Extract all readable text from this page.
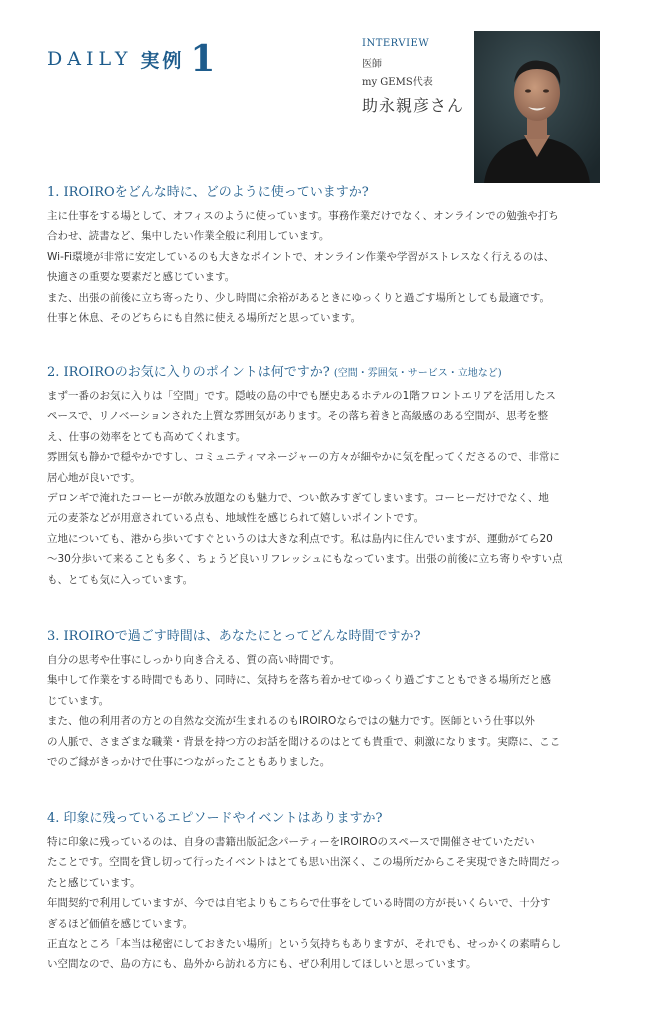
DAILY 実例 1	INTERVIEW
医師
my GEMS代表
助永親彦さん
1. IROIROをどんな時に、どのように使っていますか?
主に仕事をする場として、オフィスのように使っています。事務作業だけでなく、オンラインでの勉強や打ち
合わせ、読書など、集中したい作業全般に利用しています。
Wi-Fi環境が非常に安定しているのも大きなポイントで、オンライン作業や学習がストレスなく行えるのは、
快適さの重要な要素だと感じています。
また、出張の前後に立ち寄ったり、少し時間に余裕があるときにゆっくりと過ごす場所としても最適です。
仕事と休息、そのどちらにも自然に使える場所だと思っています。
2. IROIROのお気に入りのポイントは何ですか? (空間・雰囲気・サービス・立地など)
まず一番のお気に入りは「空間」です。隠岐の島の中でも歴史あるホテルの1階フロントエリアを活用したス
ペースで、リノベーションされた上質な雰囲気があります。その落ち着きと高級感のある空間が、思考を整
え、仕事の効率をとても高めてくれます。
雰囲気も静かで穏やかですし、コミュニティマネージャーの方々が細やかに気を配ってくださるので、非常に
居心地が良いです。
デロンギで淹れたコーヒーが飲み放題なのも魅力で、つい飲みすぎてしまいます。コーヒーだけでなく、地
元の麦茶などが用意されている点も、地域性を感じられて嬉しいポイントです。
立地についても、港から歩いてすぐというのは大きな利点です。私は島内に住んでいますが、運動がてら20
〜30分歩いて来ることも多く、ちょうど良いリフレッシュにもなっています。出張の前後に立ち寄りやすい点
も、とても気に入っています。
3. IROIROで過ごす時間は、あなたにとってどんな時間ですか?
自分の思考や仕事にしっかり向き合える、質の高い時間です。
集中して作業をする時間でもあり、同時に、気持ちを落ち着かせてゆっくり過ごすこともできる場所だと感
じています。
また、他の利用者の方との自然な交流が生まれるのもIROIROならではの魅力です。医師という仕事以外
の人脈で、さまざまな職業・背景を持つ方のお話を聞けるのはとても貴重で、刺激になります。実際に、ここ
でのご縁がきっかけで仕事につながったこともありました。
4. 印象に残っているエピソードやイベントはありますか?
特に印象に残っているのは、自身の書籍出版記念パーティーをIROIROのスペースで開催させていただい
たことです。空間を貸し切って行ったイベントはとても思い出深く、この場所だからこそ実現できた時間だっ
たと感じています。
年間契約で利用していますが、今では自宅よりもこちらで仕事をしている時間の方が長いくらいで、十分す
ぎるほど価値を感じています。
正直なところ「本当は秘密にしておきたい場所」という気持ちもありますが、それでも、せっかくの素晴らし
い空間なので、島の方にも、島外から訪れる方にも、ぜひ利用してほしいと思っています。
